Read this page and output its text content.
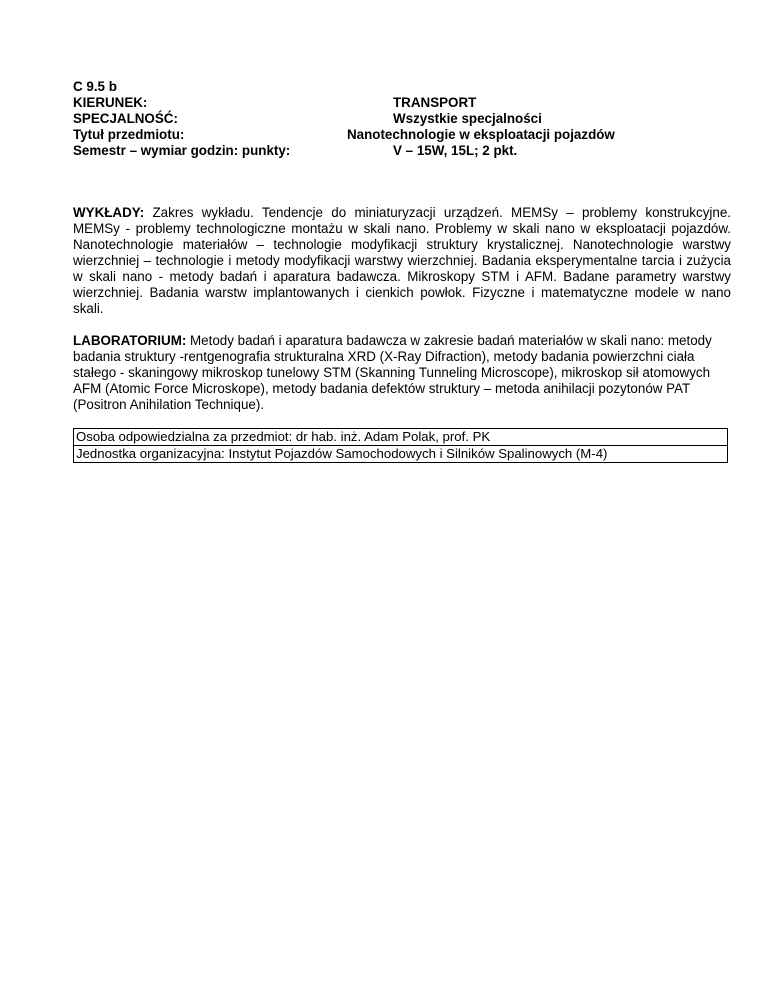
C 9.5 b
KIERUNEK:	TRANSPORT
SPECJALNOŚĆ:	Wszystkie specjalności
Tytuł przedmiotu:	Nanotechnologie w eksploatacji pojazdów
Semestr – wymiar godzin: punkty:	V – 15W, 15L; 2 pkt.
WYKŁADY: Zakres wykładu. Tendencje do miniaturyzacji urządzeń. MEMSy – problemy konstrukcyjne. MEMSy - problemy technologiczne montażu w skali nano. Problemy w skali nano w eksploatacji pojazdów. Nanotechnologie materiałów – technologie modyfikacji struktury krystalicznej. Nanotechnologie warstwy wierzchniej – technologie i metody modyfikacji warstwy wierzchniej. Badania eksperymentalne tarcia i zużycia w skali nano - metody badań i aparatura badawcza. Mikroskopy STM i AFM. Badane parametry warstwy wierzchniej. Badania warstw implantowanych i cienkich powłok. Fizyczne i matematyczne modele w nano skali.
LABORATORIUM: Metody badań i aparatura badawcza w zakresie badań materiałów w skali nano: metody badania struktury -rentgenografia strukturalna XRD (X-Ray Difraction), metody badania powierzchni ciała stałego - skaningowy mikroskop tunelowy STM (Skanning Tunneling Microscope), mikroskop sił atomowych AFM (Atomic Force Microskope), metody badania defektów struktury – metoda anihilacji pozytonów PAT (Positron Anihilation Technique).
Osoba odpowiedzialna za przedmiot: dr hab. inż. Adam Polak, prof. PK
Jednostka organizacyjna: Instytut Pojazdów Samochodowych i Silników Spalinowych (M-4)
